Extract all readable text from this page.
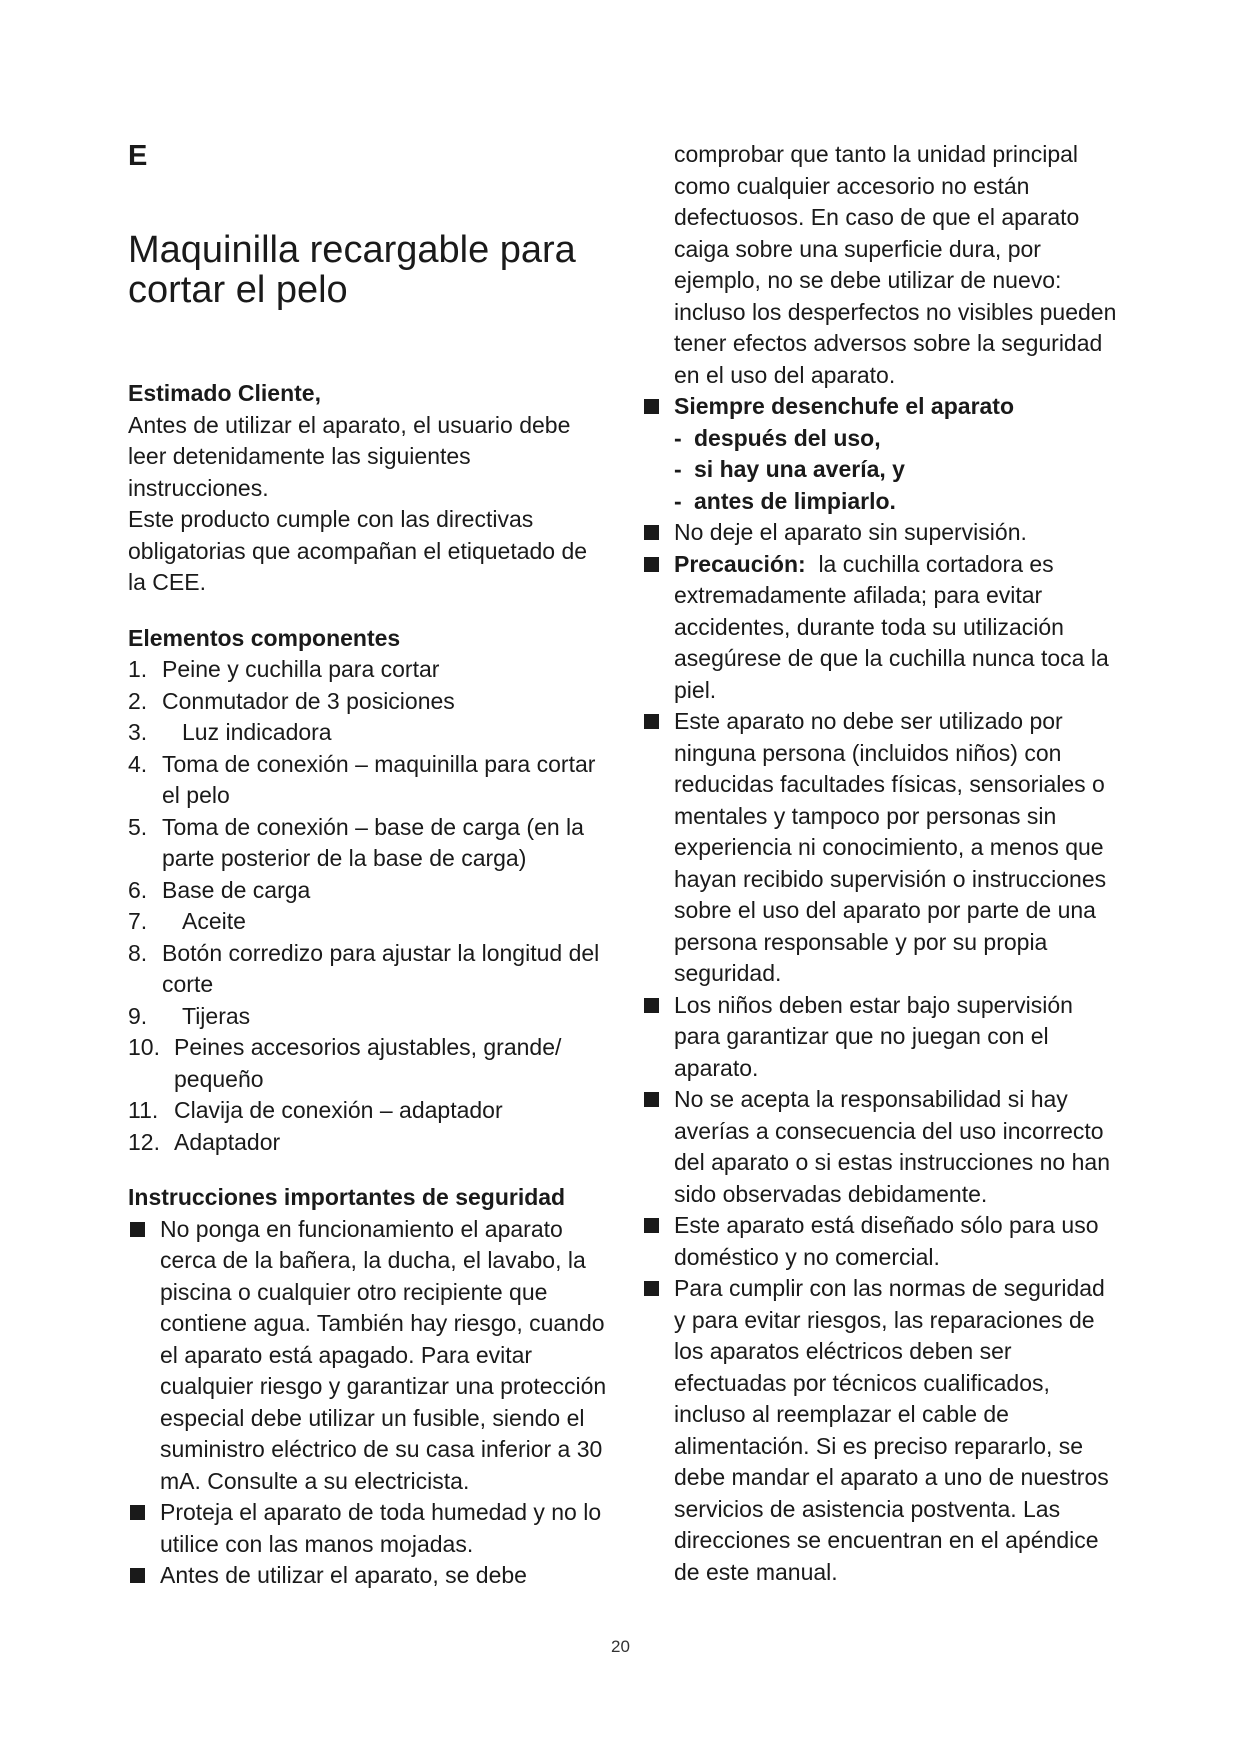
E
Maquinilla recargable para cortar el pelo
Estimado Cliente,

Antes de utilizar el aparato, el usuario debe leer detenidamente las siguientes instrucciones.

Este producto cumple con las directivas obligatorias que acompañan el etiquetado de la CEE.

Elementos componentes
1. Peine y cuchilla para cortar
2. Conmutador de 3 posiciones
3.	Luz indicadora
4. Toma de conexión – maquinilla para cortar el pelo
5. Toma de conexión – base de carga (en la parte posterior de la base de carga)
6. Base de carga
7.	Aceite
8. Botón corredizo para ajustar la longitud del corte
9.	Tijeras
10. Peines accesorios ajustables, grande/ pequeño
11. Clavija de conexión – adaptador
12. Adaptador
Instrucciones importantes de seguridad
No ponga en funcionamiento el aparato cerca de la bañera, la ducha, el lavabo, la piscina o cualquier otro recipiente que contiene agua. También hay riesgo, cuando el aparato está apagado. Para evitar cualquier riesgo y garantizar una protección especial debe utilizar un fusible, siendo el suministro eléctrico de su casa inferior a 30 mA. Consulte a su electricista.
Proteja el aparato de toda humedad y no lo utilice con las manos mojadas.
Antes de utilizar el aparato, se debe

comprobar que tanto la unidad principal como cualquier accesorio no están defectuosos. En caso de que el aparato caiga sobre una superficie dura, por ejemplo, no se debe utilizar de nuevo: incluso los desperfectos no visibles pueden tener efectos adversos sobre la seguridad en el uso del aparato.

Siempre desenchufe el aparato
- después del uso,
- si hay una avería, y
- antes de limpiarlo.
No deje el aparato sin supervisión.
Precaución: la cuchilla cortadora es extremadamente afilada; para evitar accidentes, durante toda su utilización asegúrese de que la cuchilla nunca toca la piel.
Este aparato no debe ser utilizado por ninguna persona (incluidos niños) con reducidas facultades físicas, sensoriales o mentales y tampoco por personas sin experiencia ni conocimiento, a menos que hayan recibido supervisión o instrucciones sobre el uso del aparato por parte de una persona responsable y por su propia seguridad.
Los niños deben estar bajo supervisión para garantizar que no juegan con el aparato.
No se acepta la responsabilidad si hay averías a consecuencia del uso incorrecto del aparato o si estas instrucciones no han sido observadas debidamente.
Este aparato está diseñado sólo para uso doméstico y no comercial.
Para cumplir con las normas de seguridad y para evitar riesgos, las reparaciones de los aparatos eléctricos deben ser efectuadas por técnicos cualificados, incluso al reemplazar el cable de alimentación. Si es preciso repararlo, se debe mandar el aparato a uno de nuestros servicios de asistencia postventa. Las direcciones se encuentran en el apéndice de este manual.
20
